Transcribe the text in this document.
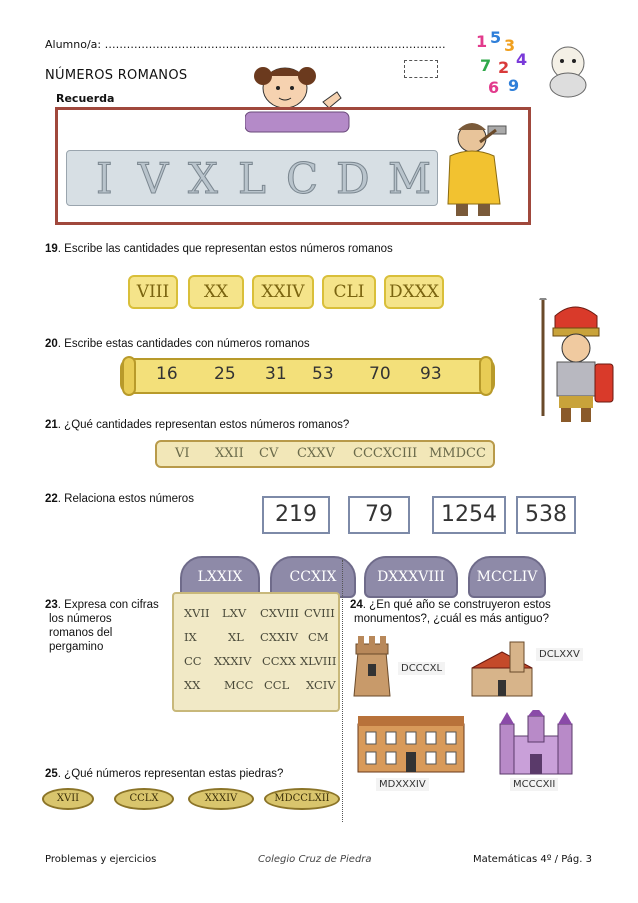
Alumno/a: …………………………………………………………………………………
NÚMEROS ROMANOS
1 5 3
7 2 4
6 9
Recuerda
I V X L C D M
19. Escribe las cantidades que representan estos números romanos
VIII	XX	XXIV	CLI	DXXX
20. Escribe estas cantidades con números romanos
16 25 31 53 70 93
21. ¿Qué cantidades representan estos números romanos?
VI XXII CV CXXV CCCXCIII MMDCC
22. Relaciona estos números
219	79	1254	538
LXXIX	CCXIX	DXXXVIII	MCCLIV
23. Expresa con cifras
los números
romanos del
pergamino
XVII LXV CXVIII CVIII
IX	XL CXXIV CM
CC XXXIV CCXX XLVIII
XX MCC CCL XCIV
24. ¿En qué año se construyeron estos
monumentos?, ¿cuál es más antiguo?
DCCCXL
DCLXXV
MDXXXIV	MCCCXII
25. ¿Qué números representan estas piedras?
XVII	CCLX	XXXIV	MDCCLXII
Problemas y ejercicios	Colegio Cruz de Piedra	Matemáticas 4º / Pág. 3
